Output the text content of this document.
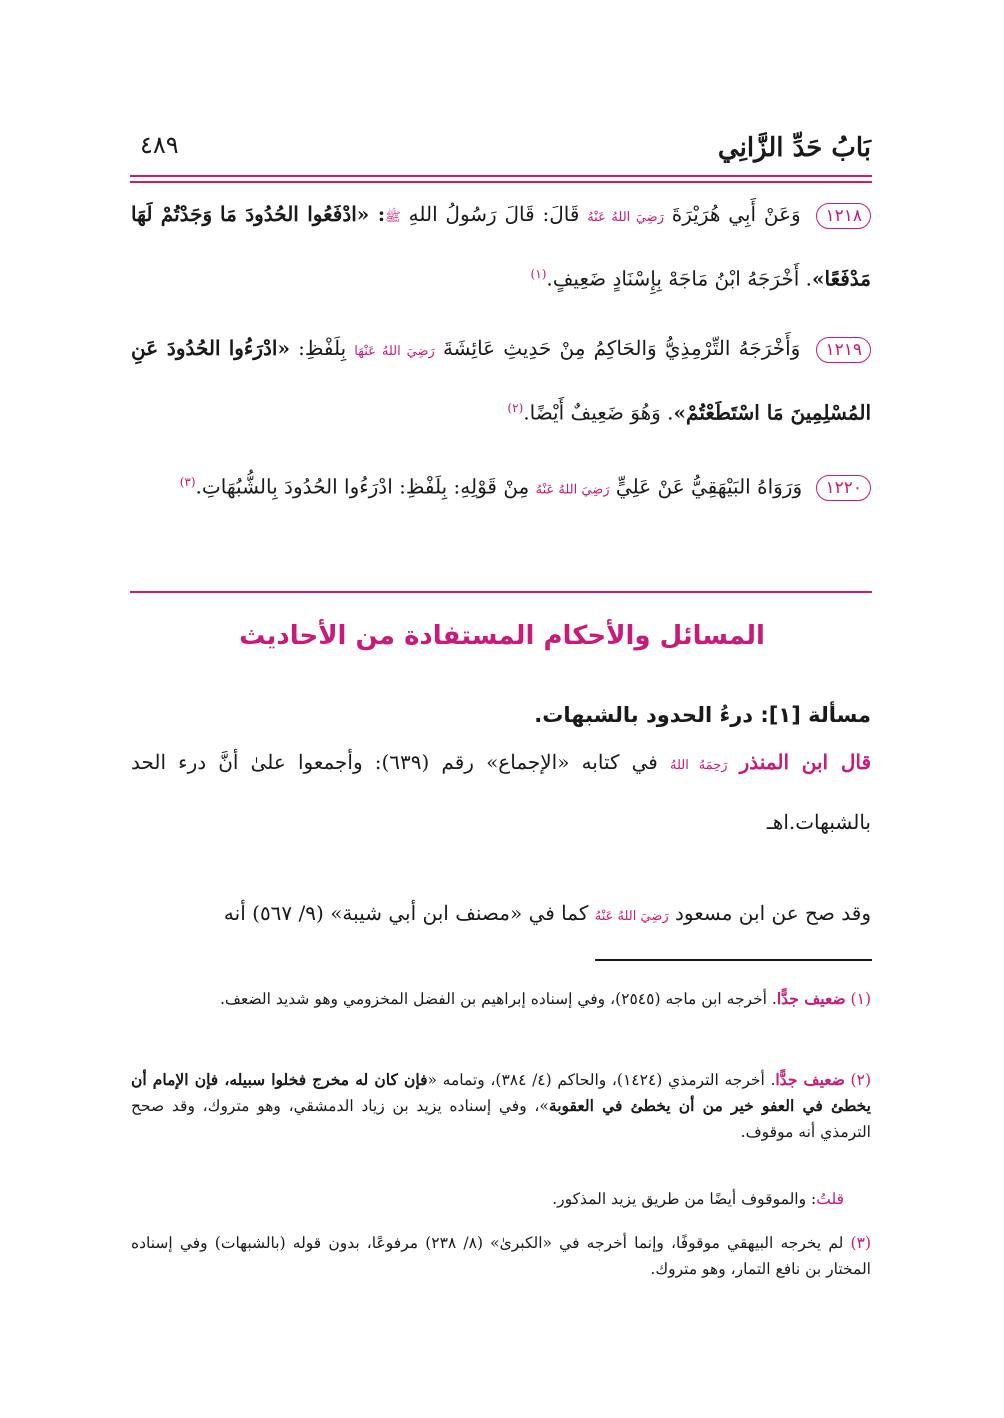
بَابُ حَدِّ الزَّانِي
٤٨٩
١٢١٨ وَعَنْ أَبِي هُرَيْرَةَ رَضِيَ اللهُ عَنْهُ قَالَ: قَالَ رَسُولُ اللهِ ﷺ: «ادْفَعُوا الحُدُودَ مَا وَجَدْتُمْ لَهَا مَدْفَعًا». أَخْرَجَهُ ابْنُ مَاجَهْ بِإِسْنَادٍ ضَعِيفٍ.$^{(١)}$
١٢١٩ وَأَخْرَجَهُ التِّرْمِذِيُّ وَالحَاكِمُ مِنْ حَدِيثِ عَائِشَةَ رَضِيَ اللهُ عَنْهَا بِلَفْظِ: «ادْرَءُوا الحُدُودَ عَنِ المُسْلِمِينَ مَا اسْتَطَعْتُمْ». وَهُوَ ضَعِيفٌ أَيْضًا.$^{(٢)}$
١٢٢٠ وَرَوَاهُ البَيْهَقِيُّ عَنْ عَلِيٍّ رَضِيَ اللهُ عَنْهُ مِنْ قَوْلِهِ: بِلَفْظِ: ادْرَءُوا الحُدُودَ بِالشُّبُهَاتِ.$^{(٣)}$
المسائل والأحكام المستفادة من الأحاديث
مسألة [١]: درءُ الحدود بالشبهات.
قال ابن المنذر رَحِمَهُ اللهُ في كتابه «الإجماع» رقم (٦٣٩): وأجمعوا علىٰ أنَّ درء الحد بالشبهات.اهـ
وقد صح عن ابن مسعود رَضِيَ اللهُ عَنْهُ كما في «مصنف ابن أبي شيبة» (٩/ ٥٦٧) أنه
(١) ضعيف جدًّا. أخرجه ابن ماجه (٢٥٤٥)، وفي إسناده إبراهيم بن الفضل المخزومي وهو شديد الضعف.
(٢) ضعيف جدًّا. أخرجه الترمذي (١٤٢٤)، والحاكم (٤/ ٣٨٤)، وتمامه «فإن كان له مخرج فخلوا سبيله، فإن الإمام أن يخطئ في العفو خير من أن يخطئ في العقوبة»، وفي إسناده يزيد بن زياد الدمشقي، وهو متروك، وقد صحح الترمذي أنه موقوف.
قلتُ: والموقوف أيضًا من طريق يزيد المذكور.
(٣) لم يخرجه البيهقي موقوفًا، وإنما أخرجه في «الكبرىٰ» (٨/ ٢٣٨) مرفوعًا، بدون قوله (بالشبهات) وفي إسناده المختار بن نافع التمار، وهو متروك.
